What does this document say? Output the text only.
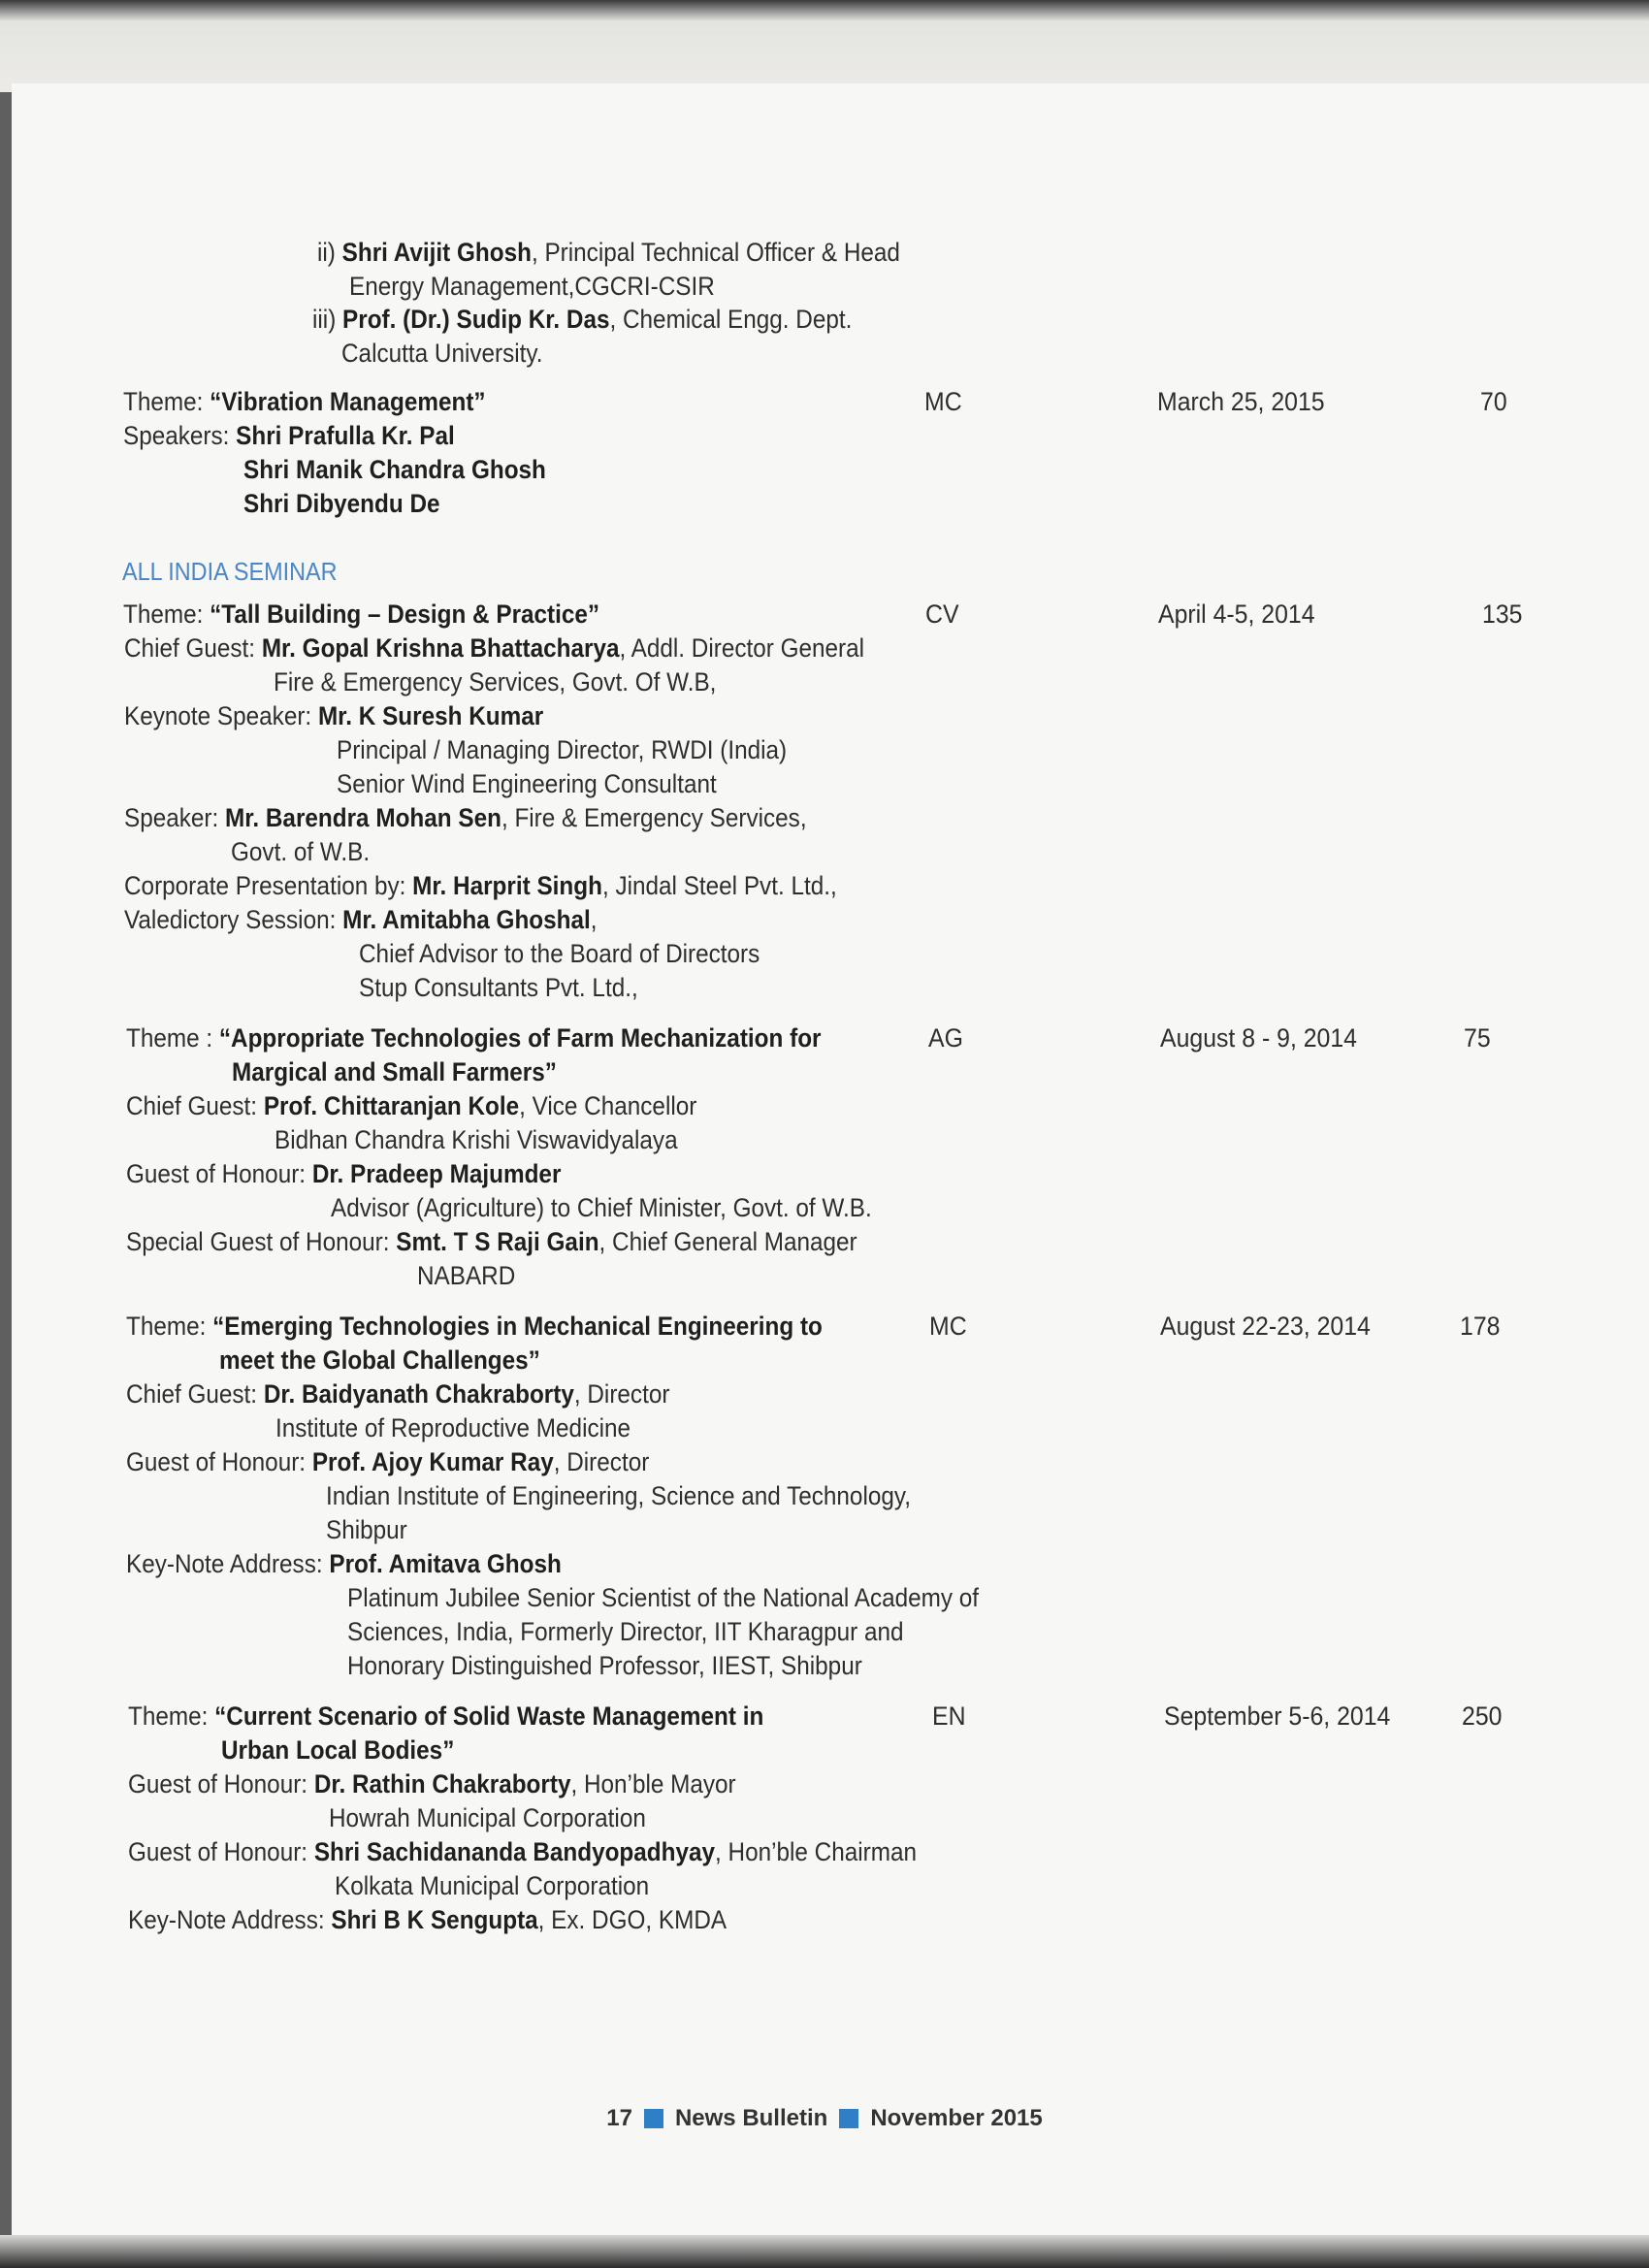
ii) Shri Avijit Ghosh, Principal Technical Officer & Head
Energy Management,CGCRI-CSIR
iii) Prof. (Dr.) Sudip Kr. Das, Chemical Engg. Dept.
Calcutta University.
Theme: “Vibration Management”	MC	March 25, 2015	70
Speakers: Shri Prafulla Kr. Pal
Shri Manik Chandra Ghosh
Shri Dibyendu De
ALL INDIA SEMINAR
Theme: “Tall Building – Design & Practice”	CV	April 4-5, 2014	135
Chief Guest: Mr. Gopal Krishna Bhattacharya, Addl. Director General
Fire & Emergency Services, Govt. Of W.B,
Keynote Speaker: Mr. K Suresh Kumar
Principal / Managing Director, RWDI (India)
Senior Wind Engineering Consultant
Speaker: Mr. Barendra Mohan Sen, Fire & Emergency Services,
Govt. of W.B.
Corporate Presentation by: Mr. Harprit Singh, Jindal Steel Pvt. Ltd.,
Valedictory Session: Mr. Amitabha Ghoshal,
Chief Advisor to the Board of Directors
Stup Consultants Pvt. Ltd.,
Theme : “Appropriate Technologies of Farm Mechanization for
Margical and Small Farmers”
AG	August 8 - 9, 2014	75
Chief Guest: Prof. Chittaranjan Kole, Vice Chancellor
Bidhan Chandra Krishi Viswavidyalaya
Guest of Honour: Dr. Pradeep Majumder
Advisor (Agriculture) to Chief Minister, Govt. of W.B.
Special Guest of Honour: Smt. T S Raji Gain, Chief General Manager
NABARD
Theme: “Emerging Technologies in Mechanical Engineering to
meet the Global Challenges”
MC	August 22-23, 2014	178
Chief Guest: Dr. Baidyanath Chakraborty, Director
Institute of Reproductive Medicine
Guest of Honour: Prof. Ajoy Kumar Ray, Director
Indian Institute of Engineering, Science and Technology,
Shibpur
Key-Note Address: Prof. Amitava Ghosh
Platinum Jubilee Senior Scientist of the National Academy of
Sciences, India, Formerly Director, IIT Kharagpur and
Honorary Distinguished Professor, IIEST, Shibpur
Theme: “Current Scenario of Solid Waste Management in
Urban Local Bodies”
EN	September 5-6, 2014	250
Guest of Honour: Dr. Rathin Chakraborty, Hon’ble Mayor
Howrah Municipal Corporation
Guest of Honour: Shri Sachidananda Bandyopadhyay, Hon’ble Chairman
Kolkata Municipal Corporation
Key-Note Address: Shri B K Sengupta, Ex. DGO, KMDA
17 News Bulletin November 2015
